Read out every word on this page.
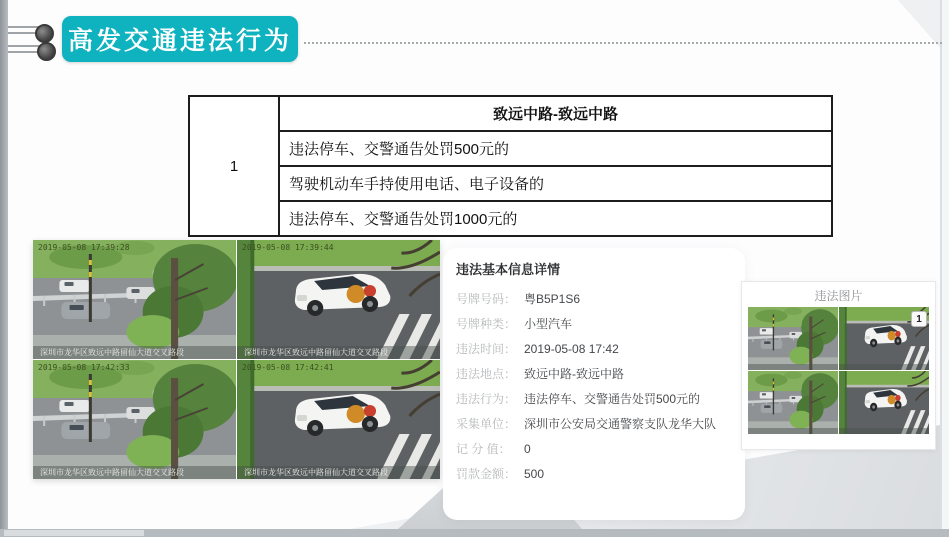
高发交通违法行为
1	致远中路-致远中路
违法停车、交警通告处罚500元的
驾驶机动车手持使用电话、电子设备的
违法停车、交警通告处罚1000元的
2019-05-08 17:39:28
深圳市龙华区致远中路留仙大道交叉路段
2019-05-08 17:39:44
深圳市龙华区致远中路留仙大道交叉路段
2019-05-08 17:42:33
深圳市龙华区致远中路留仙大道交叉路段
2019-05-08 17:42:41
深圳市龙华区致远中路留仙大道交叉路段
违法基本信息详情
号牌号码： 粤B5P1S6
号牌种类： 小型汽车
违法时间： 2019-05-08 17:42
违法地点： 致远中路-致远中路
违法行为： 违法停车、交警通告处罚500元的
采集单位： 深圳市公安局交通警察支队龙华大队
记 分 值：	0
罚款金额： 500
违法图片
1
